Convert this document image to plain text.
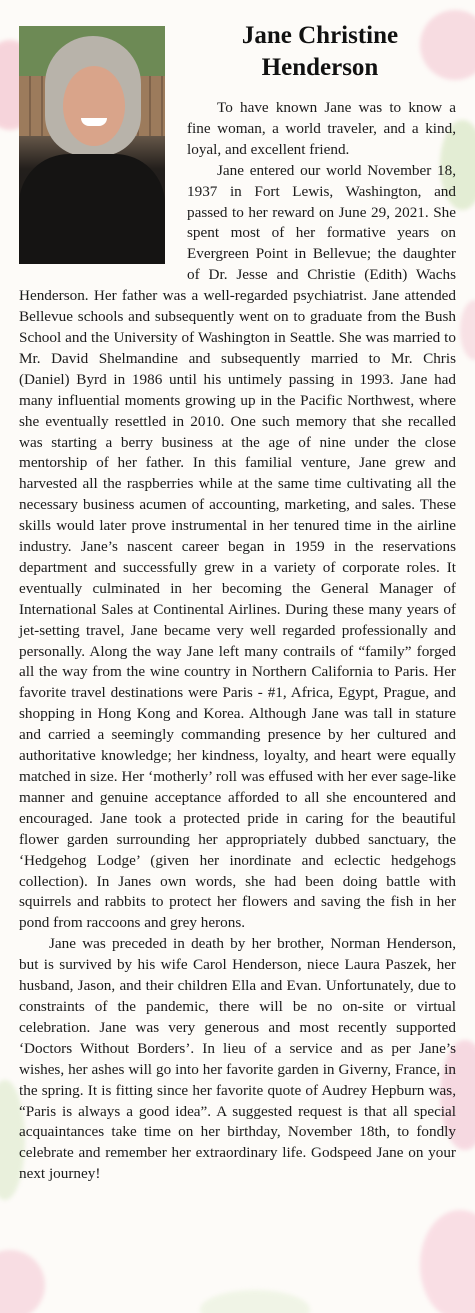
Jane Christine
Henderson

To have known Jane was to know a fine woman, a world traveler, and a kind, loyal, and excellent friend.

Jane entered our world November 18, 1937 in Fort Lewis, Washington, and passed to her reward on June 29, 2021. She spent most of her formative years on Evergreen Point in Bellevue; the daughter of Dr. Jesse and Christie (Edith) Wachs Henderson. Her father was a well-regarded psychiatrist. Jane attended Bellevue schools and subsequently went on to graduate from the Bush School and the University of Washington in Seattle. She was married to Mr. David Shelmandine and subsequently married to Mr. Chris (Daniel) Byrd in 1986 until his untimely passing in 1993. Jane had many influential moments growing up in the Pacific Northwest, where she eventually resettled in 2010. One such memory that she recalled was starting a berry business at the age of nine under the close mentorship of her father. In this familial venture, Jane grew and harvested all the raspberries while at the same time cultivating all the necessary business acumen of accounting, marketing, and sales. These skills would later prove instrumental in her tenured time in the airline industry. Jane’s nascent career began in 1959 in the reservations department and successfully grew in a variety of corporate roles. It eventually culminated in her becoming the General Manager of International Sales at Continental Airlines. During these many years of jet-setting travel, Jane became very well regarded professionally and personally. Along the way Jane left many contrails of “family” forged all the way from the wine country in Northern California to Paris. Her favorite travel destinations were Paris - #1, Africa, Egypt, Prague, and shopping in Hong Kong and Korea. Although Jane was tall in stature and carried a seemingly commanding presence by her cultured and authoritative knowledge; her kindness, loyalty, and heart were equally matched in size. Her ‘motherly’ roll was effused with her ever sage-like manner and genuine acceptance afforded to all she encountered and encouraged. Jane took a protected pride in caring for the beautiful flower garden surrounding her appropriately dubbed sanctuary, the ‘Hedgehog Lodge’ (given her inordinate and eclectic hedgehogs collection). In Janes own words, she had been doing battle with squirrels and rabbits to protect her flowers and saving the fish in her pond from raccoons and grey herons.

Jane was preceded in death by her brother, Norman Henderson, but is survived by his wife Carol Henderson, niece Laura Paszek, her husband, Jason, and their children Ella and Evan. Unfortunately, due to constraints of the pandemic, there will be no on-site or virtual celebration. Jane was very generous and most recently supported ‘Doctors Without Borders’. In lieu of a service and as per Jane’s wishes, her ashes will go into her favorite garden in Giverny, France, in the spring. It is fitting since her favorite quote of Audrey Hepburn was, “Paris is always a good idea”. A suggested request is that all special acquaintances take time on her birthday, November 18th, to fondly celebrate and remember her extraordinary life. Godspeed Jane on your next journey!
